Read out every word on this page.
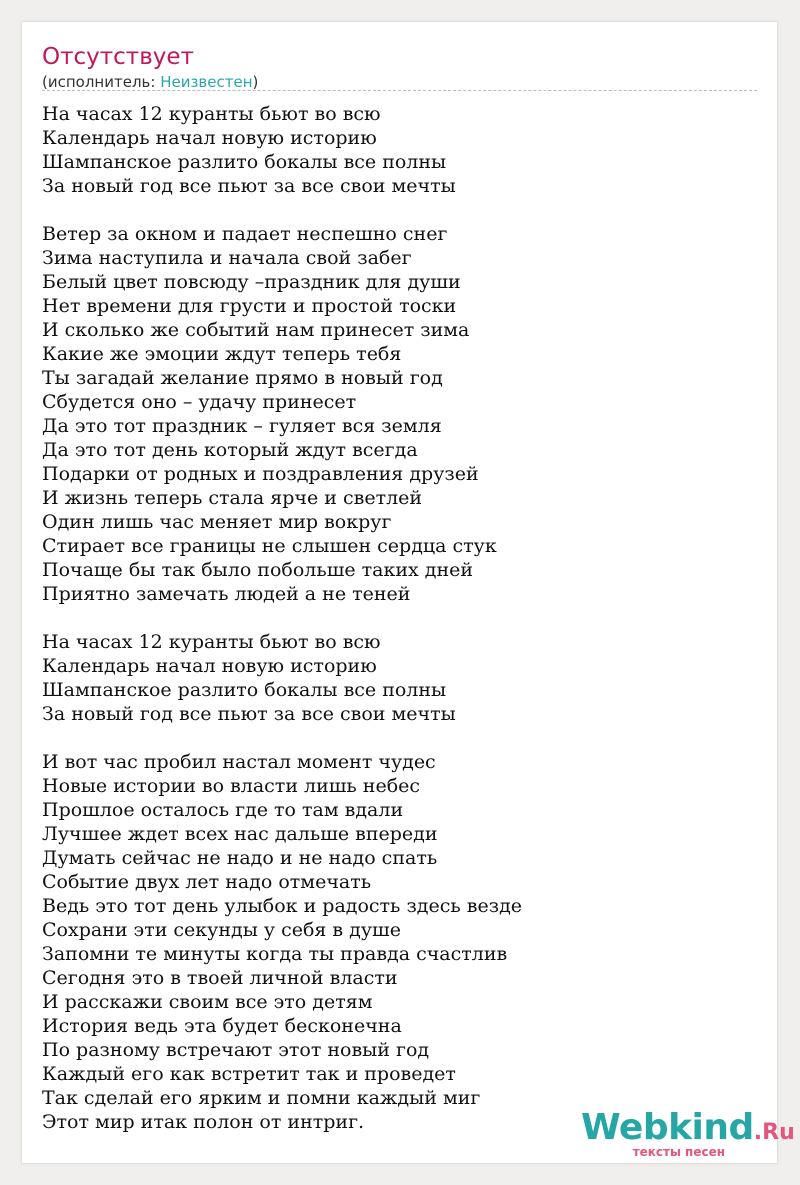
Отсутствует
(исполнитель: Неизвестен)
На часах 12 куранты бьют во всю
Календарь начал новую историю
Шампанское разлито бокалы все полны
За новый год все пьют за все свои мечты
Ветер за окном и падает неспешно снег
Зима наступила и начала свой забег
Белый цвет повсюду –праздник для души
Нет времени для грусти и простой тоски
И сколько же событий нам принесет зима
Какие же эмоции ждут теперь тебя
Ты загадай желание прямо в новый год
Сбудется оно – удачу принесет
Да это тот праздник – гуляет вся земля
Да это тот день который ждут всегда
Подарки от родных и поздравления друзей
И жизнь теперь стала ярче и светлей
Один лишь час меняет мир вокруг
Стирает все границы не слышен сердца стук
Почаще бы так было побольше таких дней
Приятно замечать людей а не теней
На часах 12 куранты бьют во всю
Календарь начал новую историю
Шампанское разлито бокалы все полны
За новый год все пьют за все свои мечты
И вот час пробил настал момент чудес
Новые истории во власти лишь небес
Прошлое осталось где то там вдали
Лучшее ждет всех нас дальше впереди
Думать сейчас не надо и не надо спать
Событие двух лет надо отмечать
Ведь это тот день улыбок и радость здесь везде
Сохрани эти секунды у себя в душе
Запомни те минуты когда ты правда счастлив
Сегодня это в твоей личной власти
И расскажи своим все это детям
История ведь эта будет бесконечна
По разному встречают этот новый год
Каждый его как встретит так и проведет
Так сделай его ярким и помни каждый миг
Этот мир итак полон от интриг.	Webkind.Ru
тексты песен
